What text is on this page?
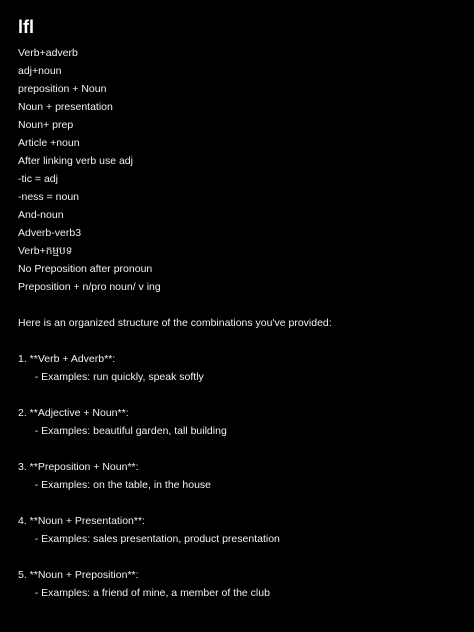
lfl
Verb+adverb
adj+noun
preposition + Noun
Noun + presentation
Noun+ prep
Article +noun
After linking verb use adj
-tic = adj
-ness = noun
And-noun
Adverb-verb3
Verb+កម្មបទ
No Preposition after pronoun
Preposition + n/pro noun/ v ing
Here is an organized structure of the combinations you've provided:
1. **Verb + Adverb**:
- Examples: run quickly, speak softly
2. **Adjective + Noun**:
- Examples: beautiful garden, tall building
3. **Preposition + Noun**:
- Examples: on the table, in the house
4. **Noun + Presentation**:
- Examples: sales presentation, product presentation
5. **Noun + Preposition**:
- Examples: a friend of mine, a member of the club
